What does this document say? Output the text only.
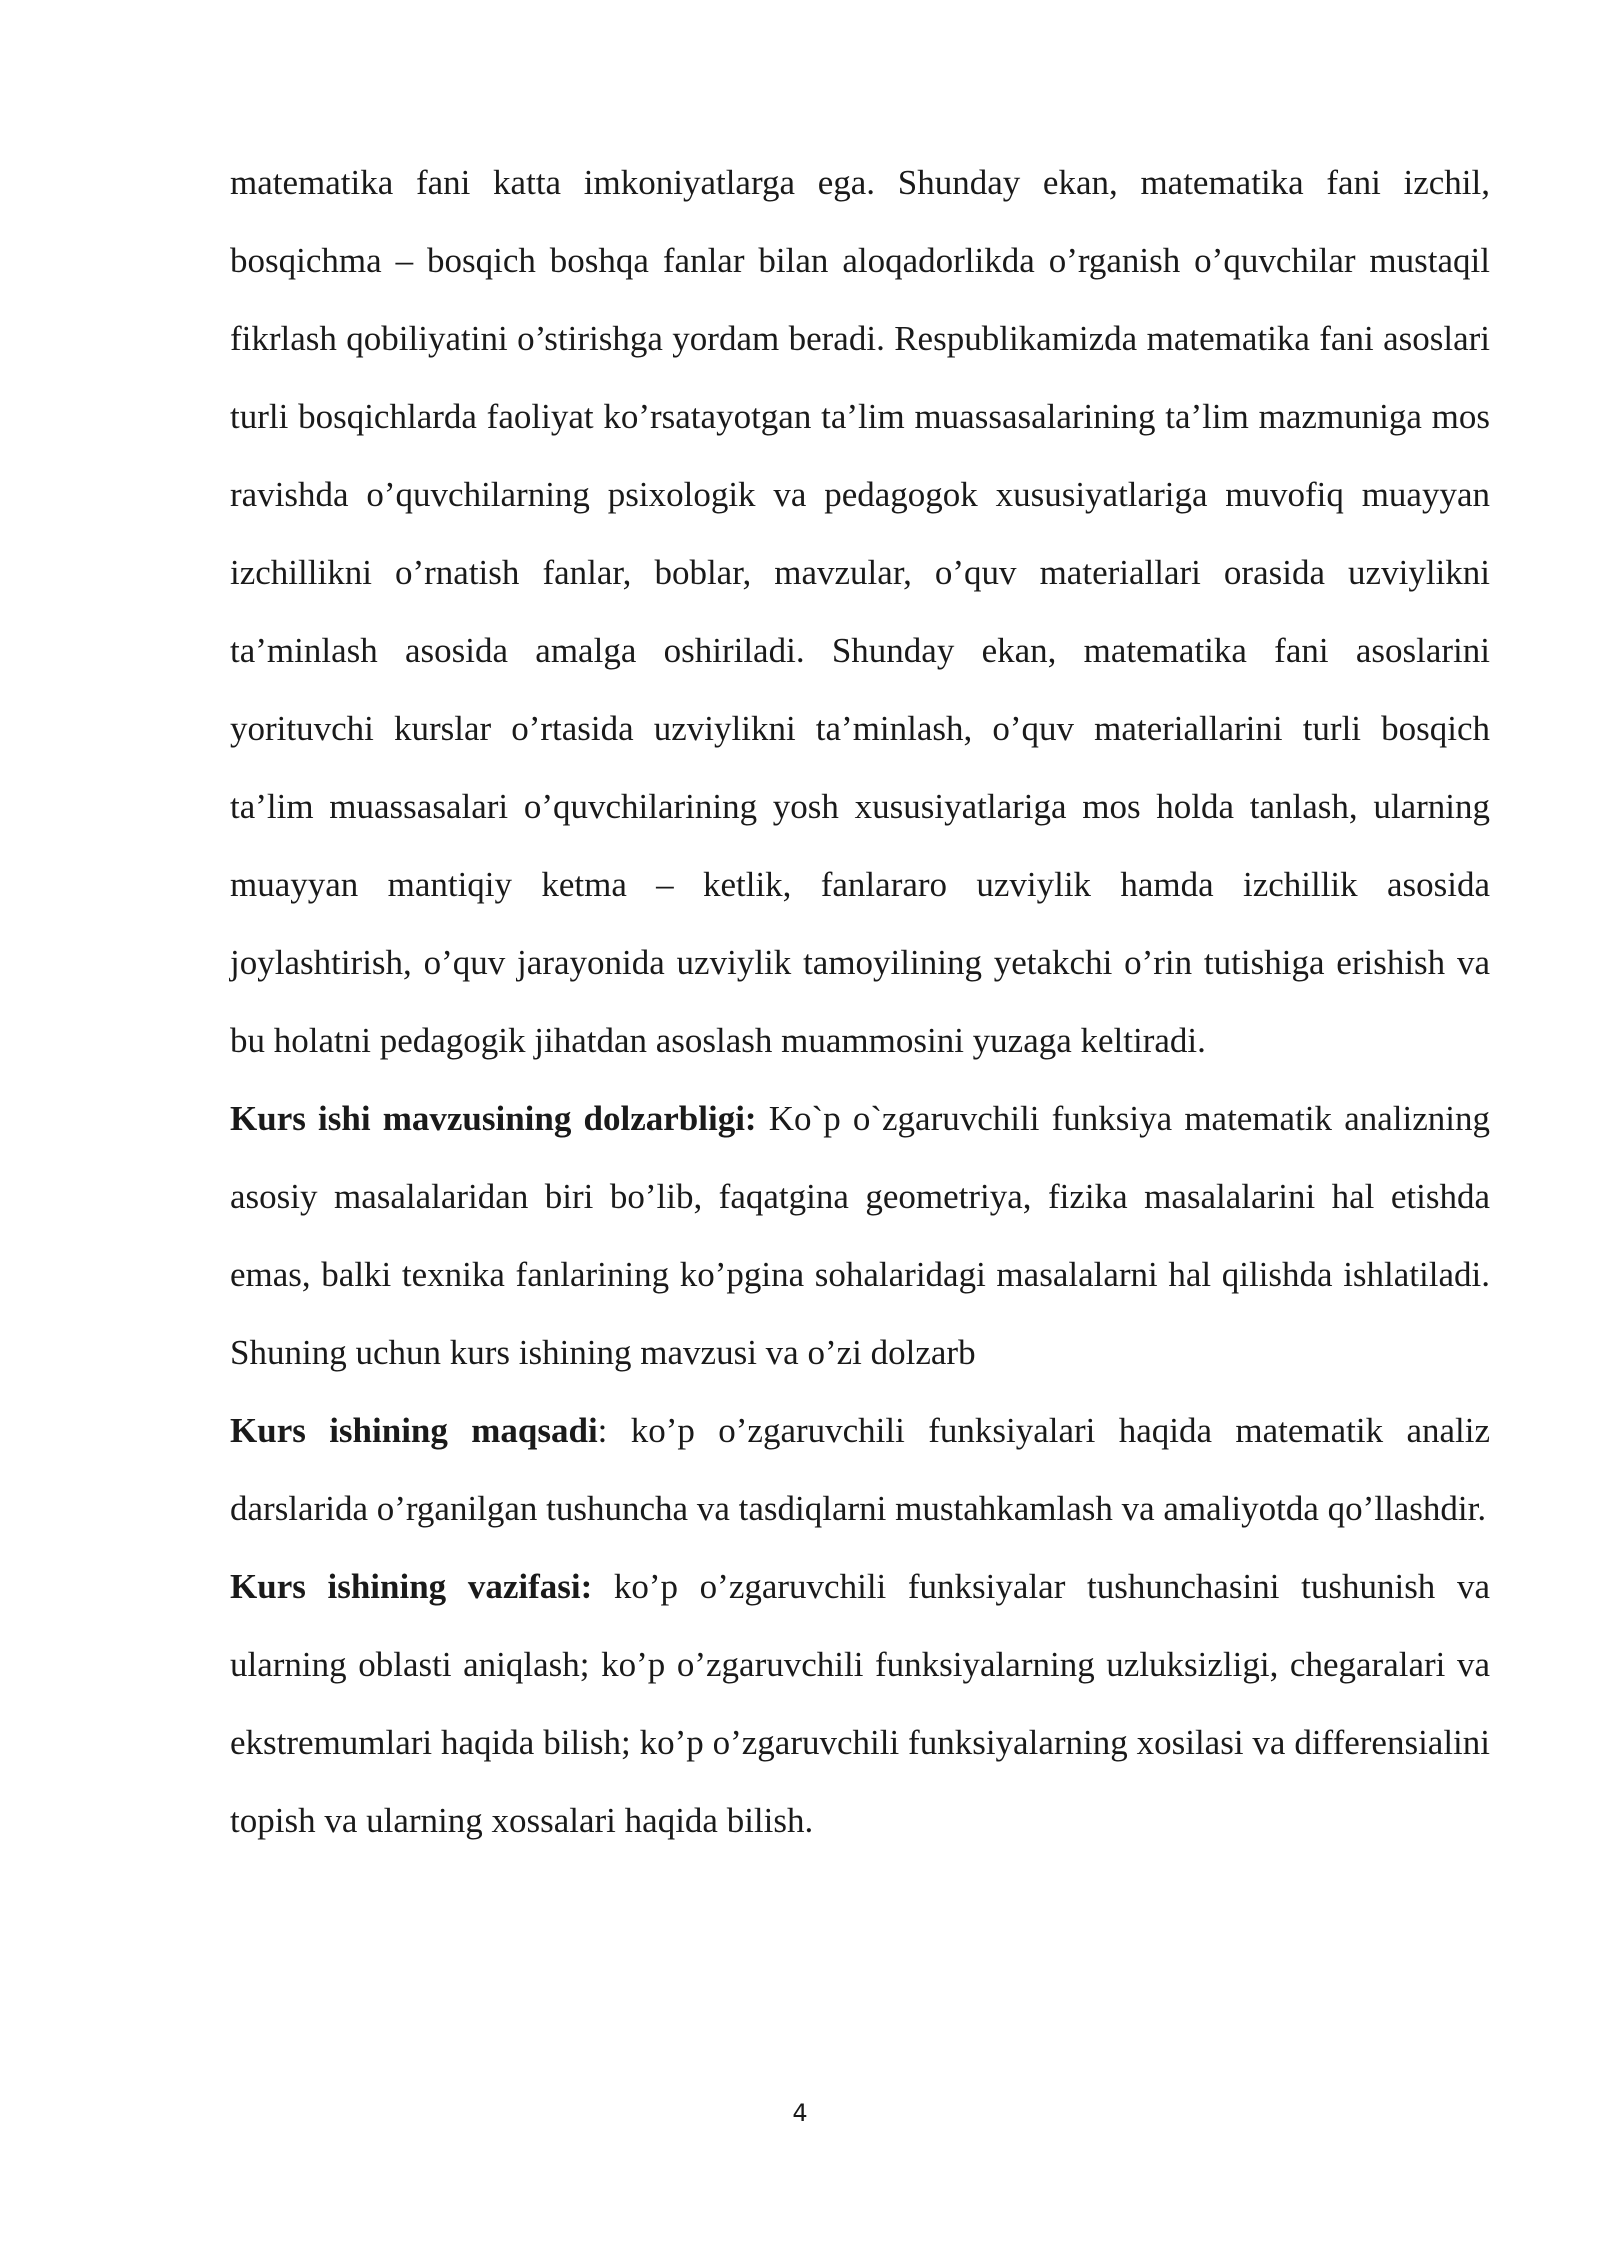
matematika fani katta imkoniyatlarga ega. Shunday ekan, matematika fani izchil, bosqichma – bosqich boshqa fanlar bilan aloqadorlikda o’rganish o’quvchilar mustaqil fikrlash qobiliyatini o’stirishga yordam beradi. Respublikamizda matematika fani asoslari turli bosqichlarda faoliyat ko’rsatayotgan ta’lim muassasalarining ta’lim mazmuniga mos ravishda o’quvchilarning psixologik va pedagogok xususiyatlariga muvofiq muayyan izchillikni o’rnatish fanlar, boblar, mavzular, o’quv materiallari orasida uzviylikni ta’minlash asosida amalga oshiriladi. Shunday ekan, matematika fani asoslarini yorituvchi kurslar o’rtasida uzviylikni ta’minlash, o’quv materiallarini turli bosqich ta’lim muassasalari o’quvchilarining yosh xususiyatlariga mos holda tanlash, ularning muayyan mantiqiy ketma – ketlik, fanlararo uzviylik hamda izchillik asosida joylashtirish, o’quv jarayonida uzviylik tamoyilining yetakchi o’rin tutishiga erishish va bu holatni pedagogik jihatdan asoslash muammosini yuzaga keltiradi.

Kurs ishi mavzusining dolzarbligi: Ko`p o`zgaruvchili funksiya matematik analizning asosiy masalalaridan biri bo’lib, faqatgina geometriya, fizika masalalarini hal etishda emas, balki texnika fanlarining ko’pgina sohalaridagi masalalarni hal qilishda ishlatiladi. Shuning uchun kurs ishining mavzusi va o’zi dolzarb

Kurs ishining maqsadi: ko’p o’zgaruvchili funksiyalari haqida matematik analiz darslarida o’rganilgan tushuncha va tasdiqlarni mustahkamlash va amaliyotda qo’llashdir.

Kurs ishining vazifasi: ko’p o’zgaruvchili funksiyalar tushunchasini tushunish va ularning oblasti aniqlash; ko’p o’zgaruvchili funksiyalarning uzluksizligi, chegaralari va ekstremumlari haqida bilish; ko’p o’zgaruvchili funksiyalarning xosilasi va differensialini topish va ularning xossalari haqida bilish.

4
